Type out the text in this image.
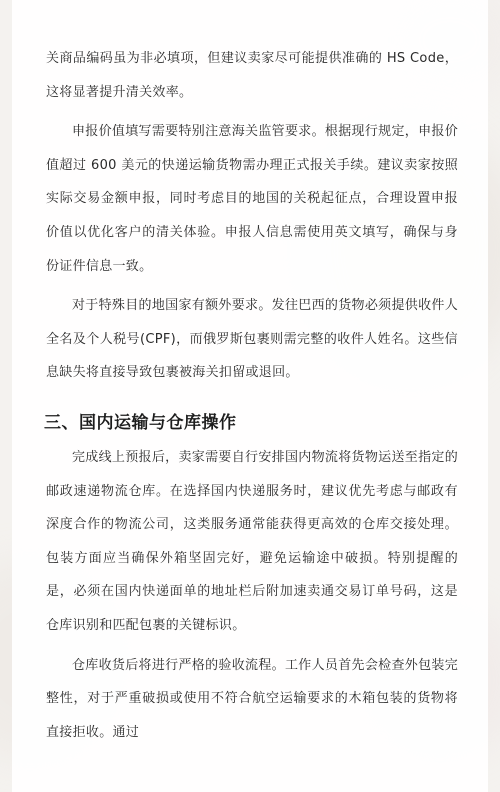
关商品编码虽为非必填项，但建议卖家尽可能提供准确的 HS Code，这将显著提升清关效率。

申报价值填写需要特别注意海关监管要求。根据现行规定，申报价值超过 600 美元的快递运输货物需办理正式报关手续。建议卖家按照实际交易金额申报，同时考虑目的地国的关税起征点，合理设置申报价值以优化客户的清关体验。申报人信息需使用英文填写，确保与身份证件信息一致。

对于特殊目的地国家有额外要求。发往巴西的货物必须提供收件人全名及个人税号(CPF)，而俄罗斯包裹则需完整的收件人姓名。这些信息缺失将直接导致包裹被海关扣留或退回。

三、国内运输与仓库操作

完成线上预报后，卖家需要自行安排国内物流将货物运送至指定的邮政速递物流仓库。在选择国内快递服务时，建议优先考虑与邮政有深度合作的物流公司，这类服务通常能获得更高效的仓库交接处理。包装方面应当确保外箱坚固完好，避免运输途中破损。特别提醒的是，必须在国内快递面单的地址栏后附加速卖通交易订单号码，这是仓库识别和匹配包裹的关键标识。

仓库收货后将进行严格的验收流程。工作人员首先会检查外包装完整性，对于严重破损或使用不符合航空运输要求的木箱包装的货物将直接拒收。通过
